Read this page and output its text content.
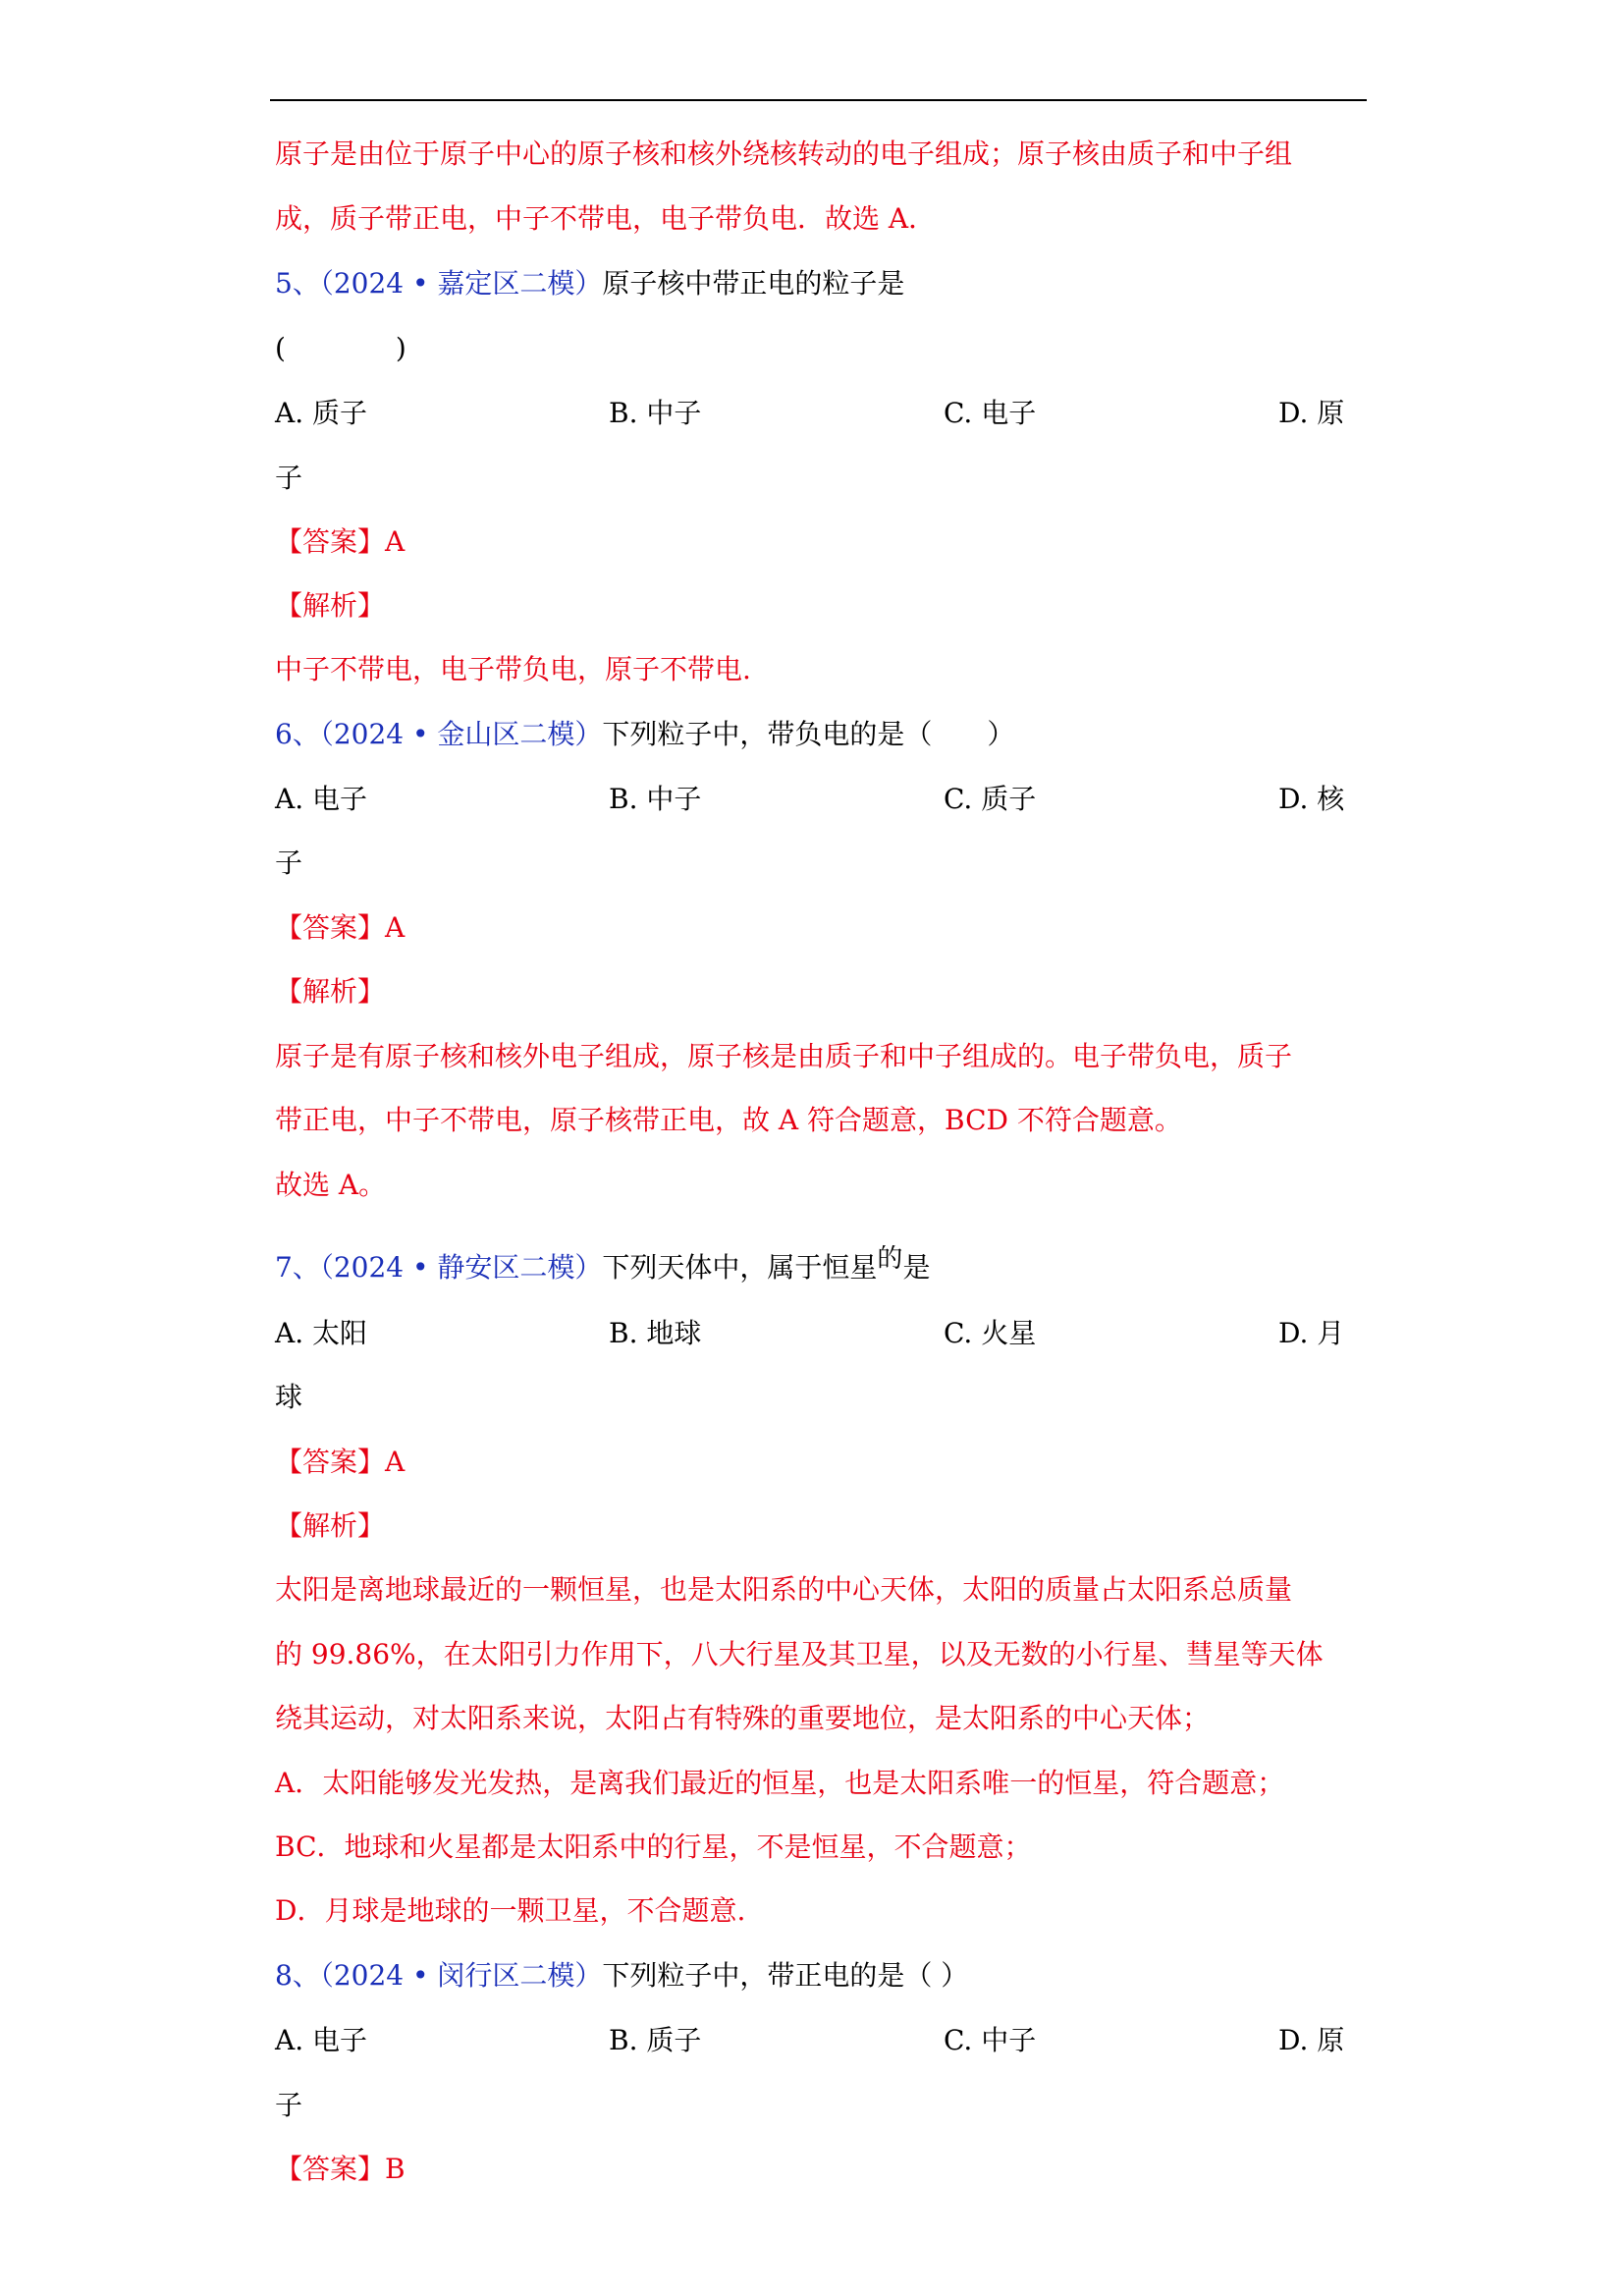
原子是由位于原子中心的原子核和核外绕核转动的电子组成；原子核由质子和中子组
成，质子带正电，中子不带电，电子带负电．故选 A．
5、（2024 • 嘉定区二模）原子核中带正电的粒子是
(　　　　)
A. 质子	B. 中子	C. 电子	D. 原
子
【答案】A
【解析】
中子不带电，电子带负电，原子不带电.
6、（2024 • 金山区二模）下列粒子中，带负电的是（　　）
A. 电子	B. 中子	C. 质子	D. 核
子
【答案】A
【解析】
原子是有原子核和核外电子组成，原子核是由质子和中子组成的。电子带负电，质子
带正电，中子不带电，原子核带正电，故 A 符合题意，BCD 不符合题意。
故选 A。
7、（2024 • 静安区二模）下列天体中，属于恒星的是
A. 太阳	B. 地球	C. 火星	D. 月
球
【答案】A
【解析】
太阳是离地球最近的一颗恒星，也是太阳系的中心天体，太阳的质量占太阳系总质量
的 99.86%，在太阳引力作用下，八大行星及其卫星，以及无数的小行星、彗星等天体
绕其运动，对太阳系来说，太阳占有特殊的重要地位，是太阳系的中心天体；
A．太阳能够发光发热，是离我们最近的恒星，也是太阳系唯一的恒星，符合题意；
BC．地球和火星都是太阳系中的行星，不是恒星，不合题意；
D．月球是地球的一颗卫星，不合题意.
8、（2024 • 闵行区二模）下列粒子中，带正电的是（ ）
A. 电子	B. 质子	C. 中子	D. 原
子
【答案】B
